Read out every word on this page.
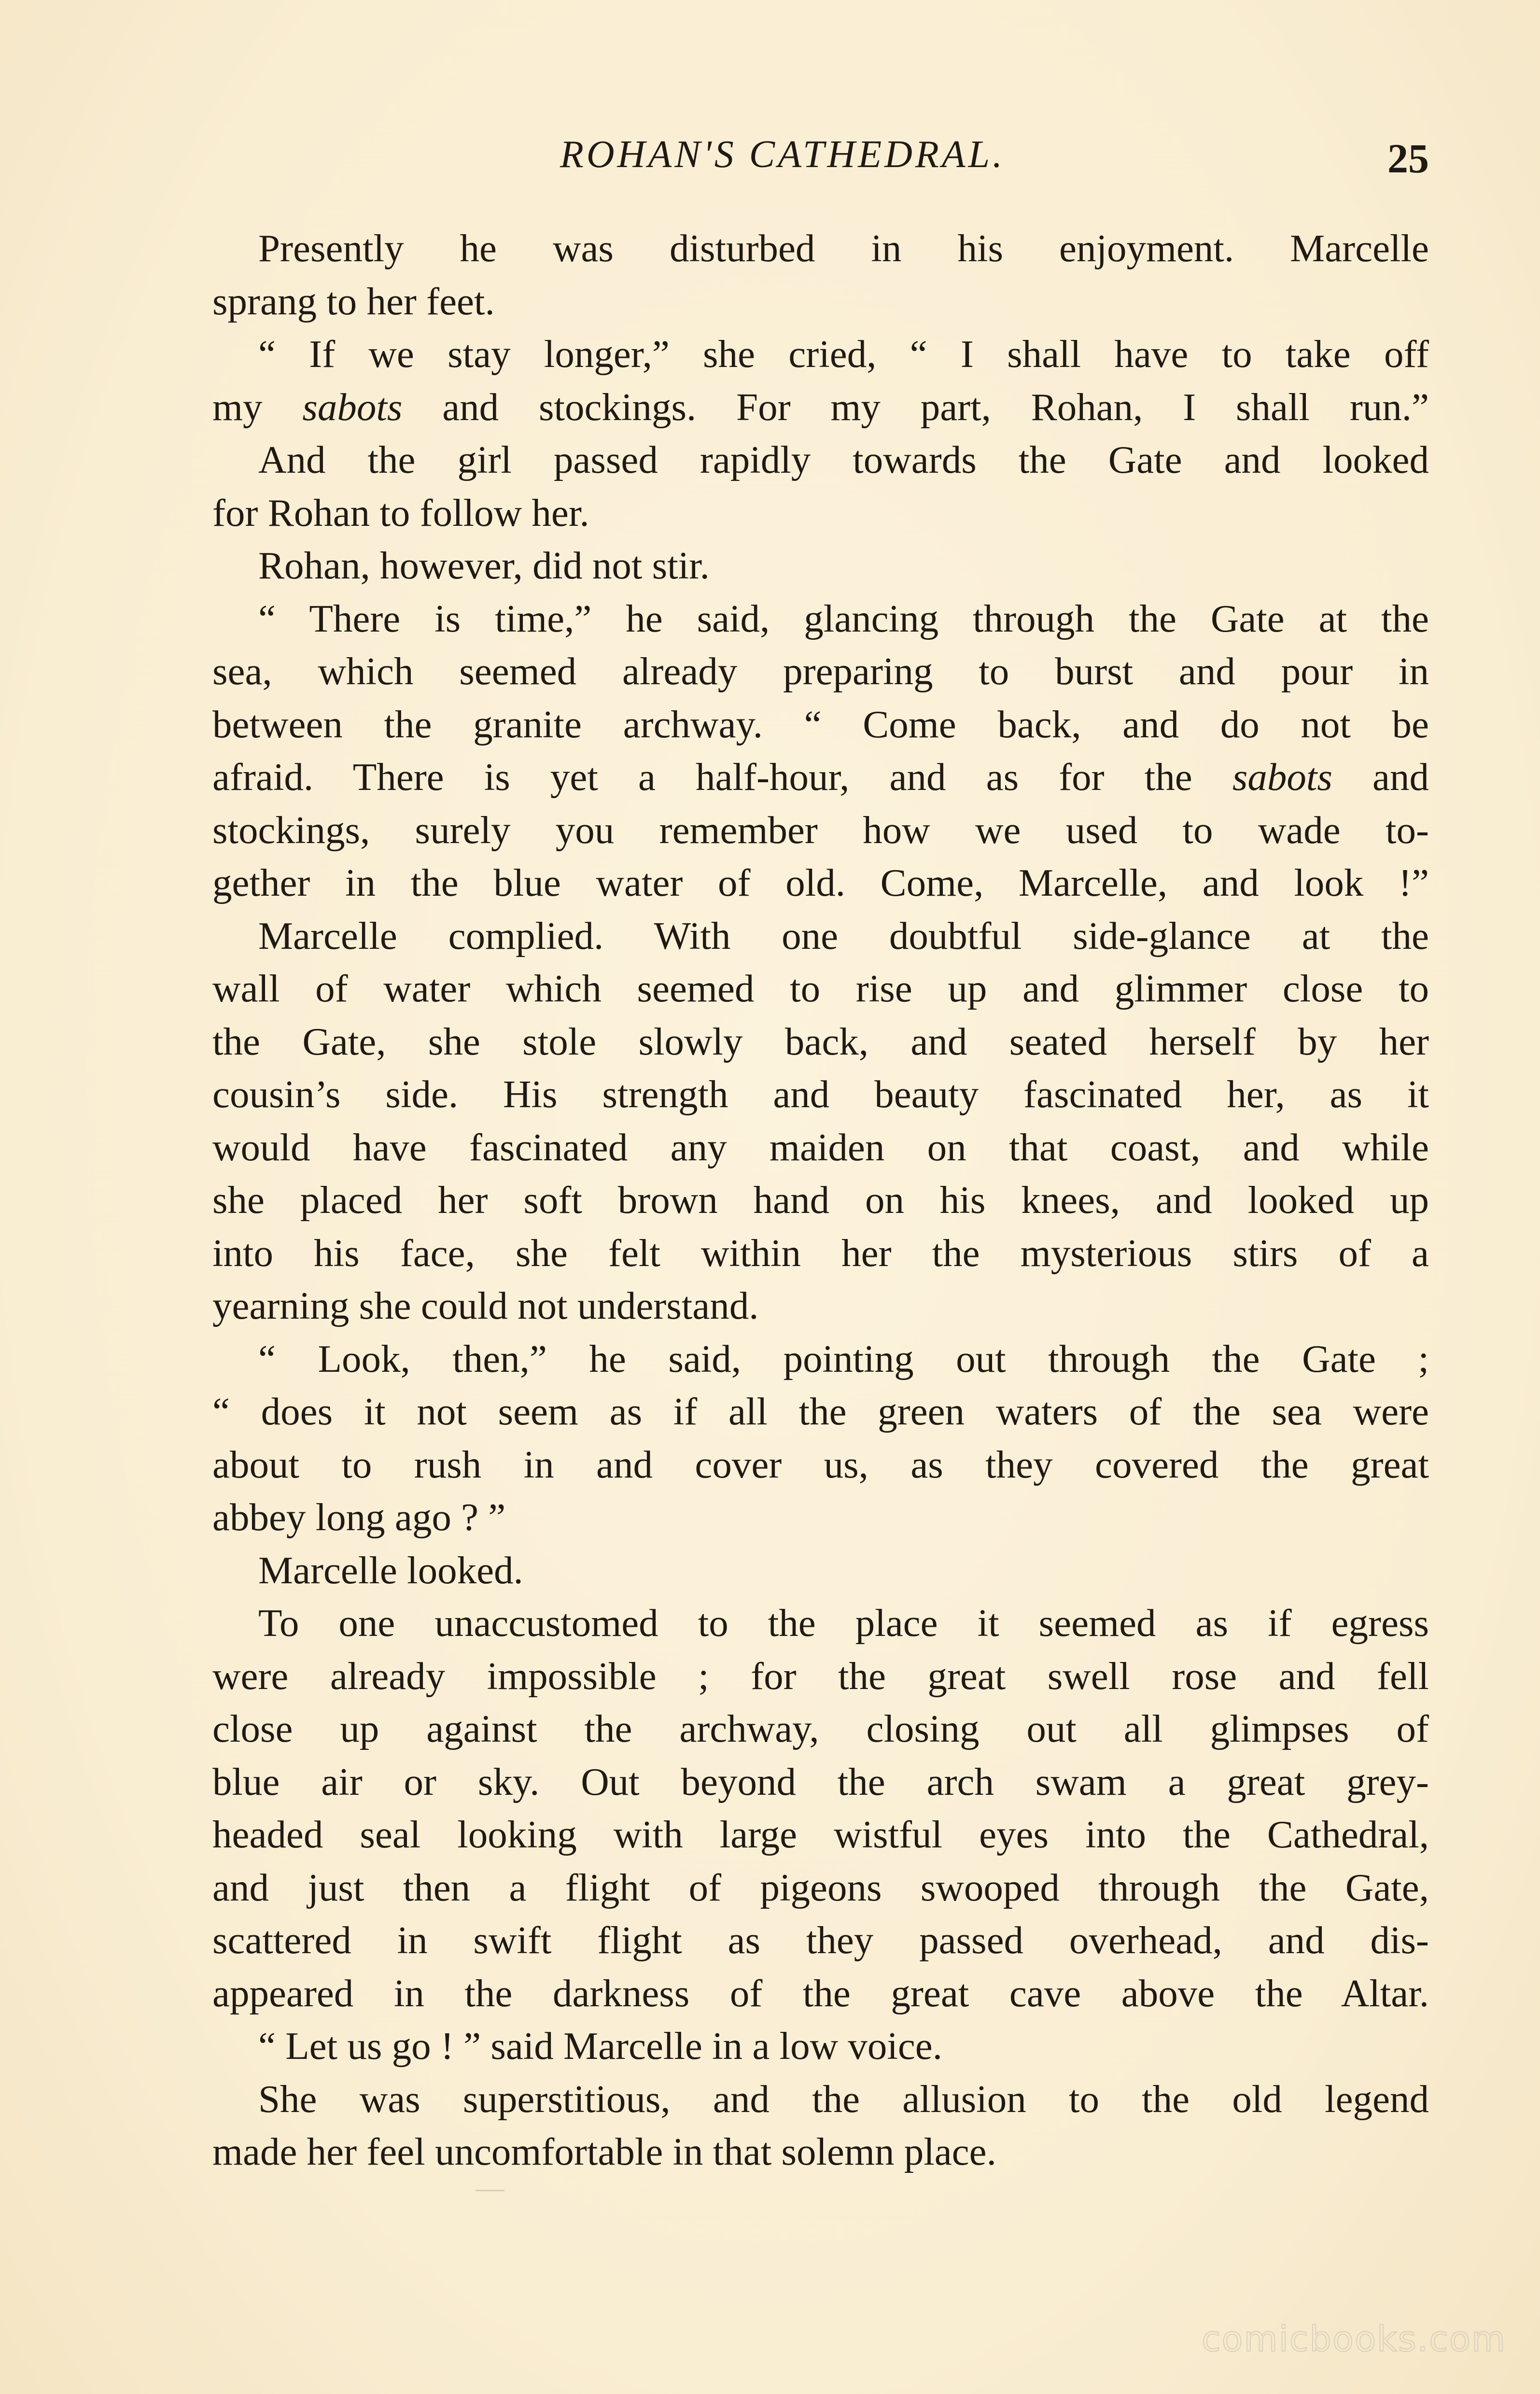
ROHAN'S CATHEDRAL.	25
Presently he was disturbed in his enjoyment. Marcelle
sprang to her feet.
“ If we stay longer,” she cried, “ I shall have to take off
my sabots and stockings. For my part, Rohan, I shall run.”
And the girl passed rapidly towards the Gate and looked
for Rohan to follow her.
Rohan, however, did not stir.
“ There is time,” he said, glancing through the Gate at the
sea, which seemed already preparing to burst and pour in
between the granite archway. “ Come back, and do not be
afraid. There is yet a half-hour, and as for the sabots and
stockings, surely you remember how we used to wade to-
gether in the blue water of old. Come, Marcelle, and look !”
Marcelle complied. With one doubtful side-glance at the
wall of water which seemed to rise up and glimmer close to
the Gate, she stole slowly back, and seated herself by her
cousin’s side. His strength and beauty fascinated her, as it
would have fascinated any maiden on that coast, and while
she placed her soft brown hand on his knees, and looked up
into his face, she felt within her the mysterious stirs of a
yearning she could not understand.
“ Look, then,” he said, pointing out through the Gate ;
“ does it not seem as if all the green waters of the sea were
about to rush in and cover us, as they covered the great
abbey long ago ? ”
Marcelle looked.
To one unaccustomed to the place it seemed as if egress
were already impossible ; for the great swell rose and fell
close up against the archway, closing out all glimpses of
blue air or sky. Out beyond the arch swam a great grey-
headed seal looking with large wistful eyes into the Cathedral,
and just then a flight of pigeons swooped through the Gate,
scattered in swift flight as they passed overhead, and dis-
appeared in the darkness of the great cave above the Altar.
“ Let us go ! ” said Marcelle in a low voice.
She was superstitious, and the allusion to the old legend
made her feel uncomfortable in that solemn place.
comicbooks.com
